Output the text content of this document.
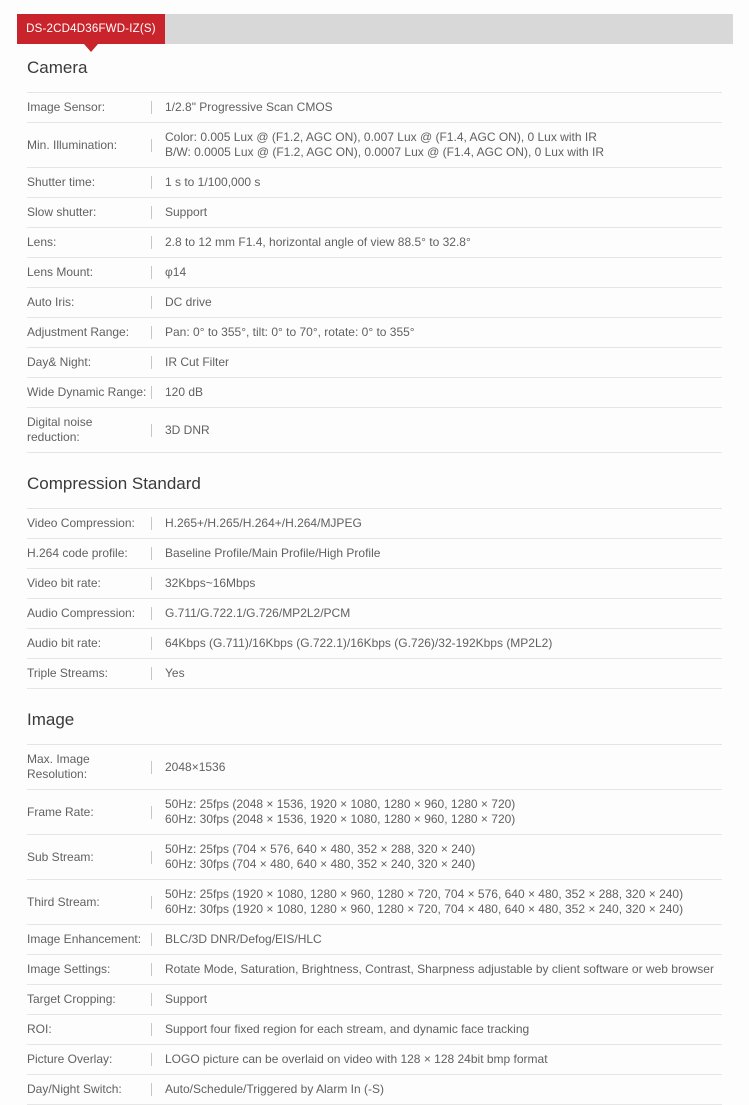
DS-2CD4D36FWD-IZ(S)
Camera
Image Sensor:	1/2.8" Progressive Scan CMOS
Min. Illumination:
Color: 0.005 Lux @ (F1.2, AGC ON), 0.007 Lux @ (F1.4, AGC ON), 0 Lux with IR
B/W: 0.0005 Lux @ (F1.2, AGC ON), 0.0007 Lux @ (F1.4, AGC ON), 0 Lux with IR
Shutter time:	1 s to 1/100,000 s
Slow shutter:	Support
Lens:	2.8 to 12 mm F1.4, horizontal angle of view 88.5° to 32.8°
Lens Mount:	φ14
Auto Iris:	DC drive
Adjustment Range:	Pan: 0° to 355°, tilt: 0° to 70°, rotate: 0° to 355°
Day& Night:	IR Cut Filter
Wide Dynamic Range:	120 dB
Digital noise reduction:
3D DNR
Compression Standard
Video Compression:	H.265+/H.265/H.264+/H.264/MJPEG
H.264 code profile:	Baseline Profile/Main Profile/High Profile
Video bit rate:	32Kbps~16Mbps
Audio Compression:	G.711/G.722.1/G.726/MP2L2/PCM
Audio bit rate:	64Kbps (G.711)/16Kbps (G.722.1)/16Kbps (G.726)/32-192Kbps (MP2L2)
Triple Streams:	Yes
Image
Max. Image Resolution:
2048×1536
Frame Rate:
50Hz: 25fps (2048 × 1536, 1920 × 1080, 1280 × 960, 1280 × 720)
60Hz: 30fps (2048 × 1536, 1920 × 1080, 1280 × 960, 1280 × 720)
Sub Stream:
50Hz: 25fps (704 × 576, 640 × 480, 352 × 288, 320 × 240)
60Hz: 30fps (704 × 480, 640 × 480, 352 × 240, 320 × 240)
Third Stream:
50Hz: 25fps (1920 × 1080, 1280 × 960, 1280 × 720, 704 × 576, 640 × 480, 352 × 288, 320 × 240)
60Hz: 30fps (1920 × 1080, 1280 × 960, 1280 × 720, 704 × 480, 640 × 480, 352 × 240, 320 × 240)
Image Enhancement:	BLC/3D DNR/Defog/EIS/HLC
Image Settings:	Rotate Mode, Saturation, Brightness, Contrast, Sharpness adjustable by client software or web browser
Target Cropping:	Support
ROI:	Support four fixed region for each stream, and dynamic face tracking
Picture Overlay:	LOGO picture can be overlaid on video with 128 × 128 24bit bmp format
Day/Night Switch:	Auto/Schedule/Triggered by Alarm In (-S)
